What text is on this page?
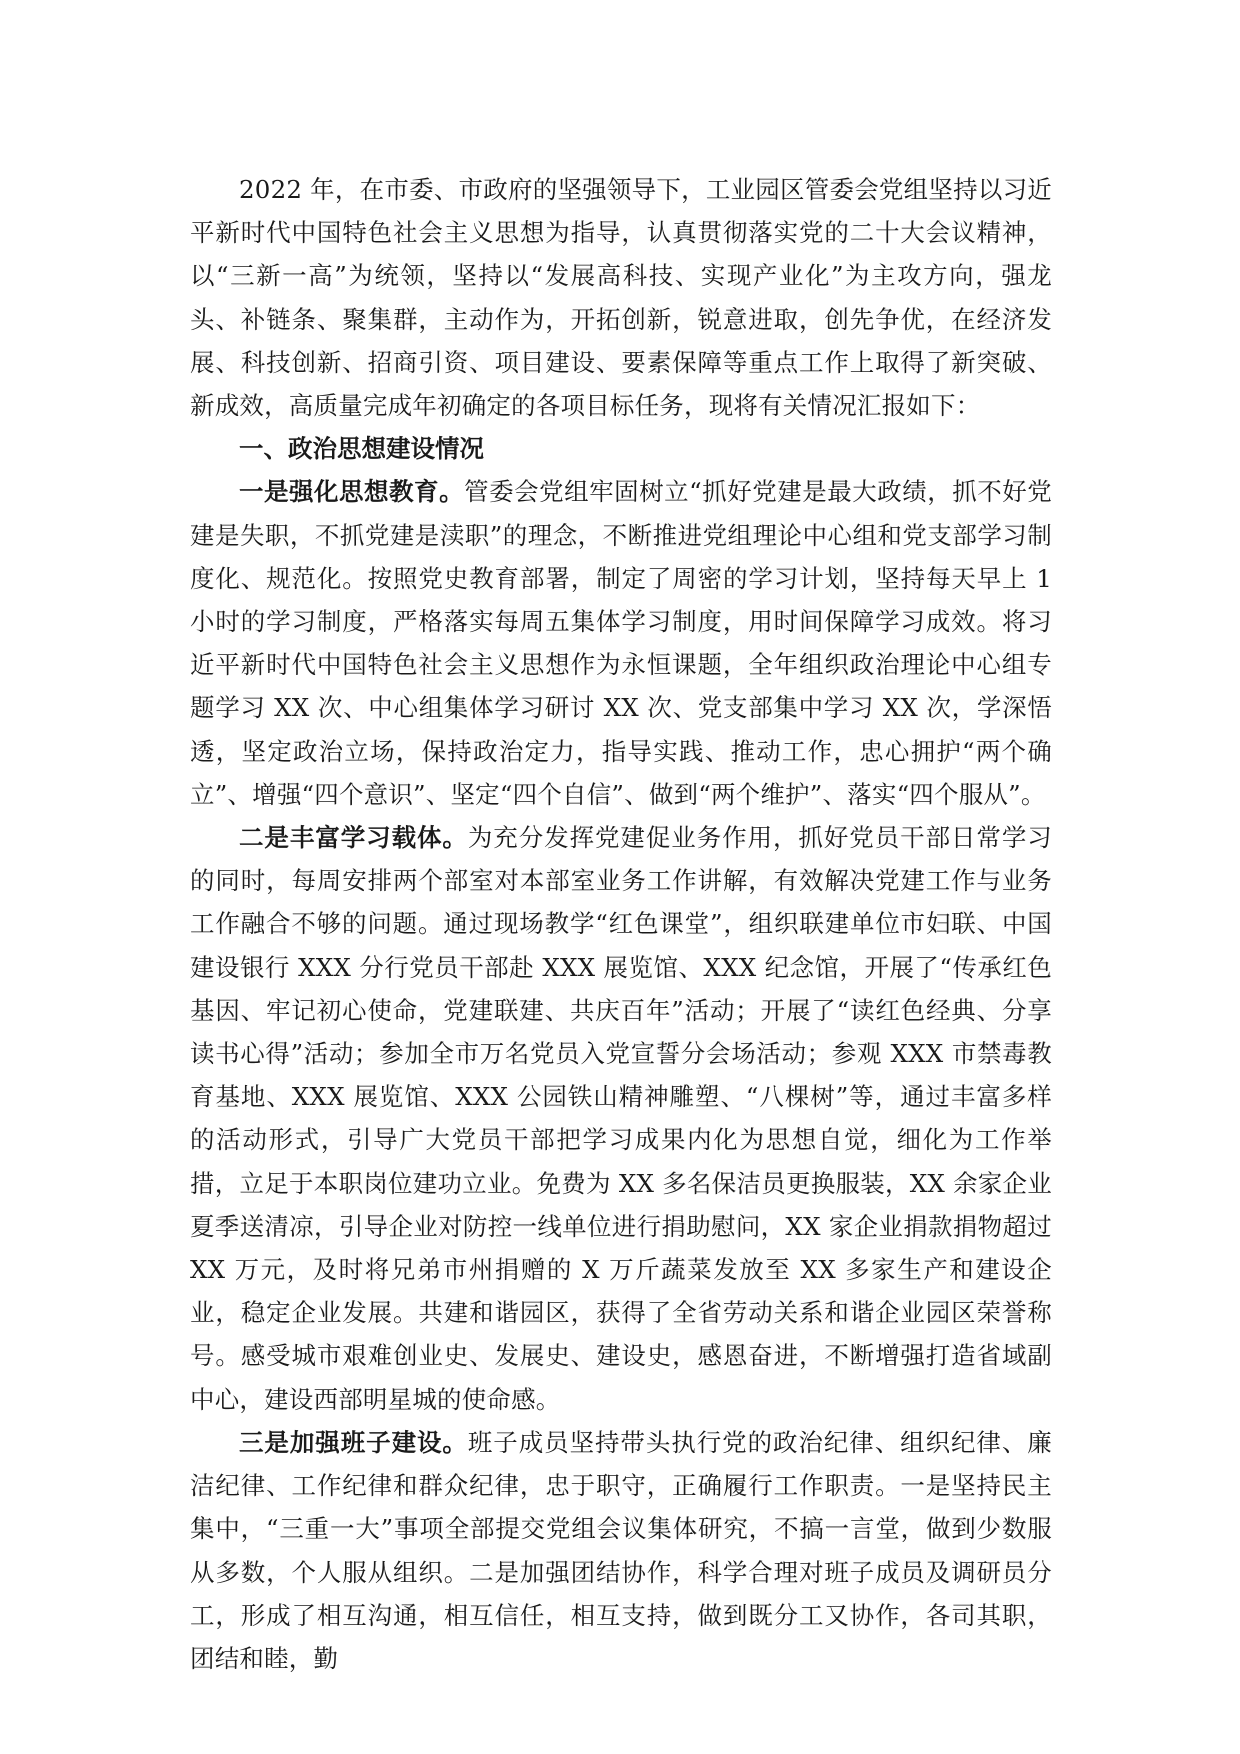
2022 年，在市委、市政府的坚强领导下，工业园区管委会党组坚持以习近平新时代中国特色社会主义思想为指导，认真贯彻落实党的二十大会议精神，以“三新一高”为统领，坚持以“发展高科技、实现产业化”为主攻方向，强龙头、补链条、聚集群，主动作为，开拓创新，锐意进取，创先争优，在经济发展、科技创新、招商引资、项目建设、要素保障等重点工作上取得了新突破、新成效，高质量完成年初确定的各项目标任务，现将有关情况汇报如下：

一、政治思想建设情况

一是强化思想教育。管委会党组牢固树立“抓好党建是最大政绩，抓不好党建是失职，不抓党建是渎职”的理念，不断推进党组理论中心组和党支部学习制度化、规范化。按照党史教育部署，制定了周密的学习计划，坚持每天早上 1 小时的学习制度，严格落实每周五集体学习制度，用时间保障学习成效。将习近平新时代中国特色社会主义思想作为永恒课题，全年组织政治理论中心组专题学习 XX 次、中心组集体学习研讨 XX 次、党支部集中学习 XX 次，学深悟透，坚定政治立场，保持政治定力，指导实践、推动工作，忠心拥护“两个确立”、增强“四个意识”、坚定“四个自信”、做到“两个维护”、落实“四个服从”。

二是丰富学习载体。为充分发挥党建促业务作用，抓好党员干部日常学习的同时，每周安排两个部室对本部室业务工作讲解，有效解决党建工作与业务工作融合不够的问题。通过现场教学“红色课堂”，组织联建单位市妇联、中国建设银行 XXX 分行党员干部赴 XXX 展览馆、XXX 纪念馆，开展了“传承红色基因、牢记初心使命，党建联建、共庆百年”活动；开展了“读红色经典、分享读书心得”活动；参加全市万名党员入党宣誓分会场活动；参观 XXX 市禁毒教育基地、XXX 展览馆、XXX 公园铁山精神雕塑、“八棵树”等，通过丰富多样的活动形式，引导广大党员干部把学习成果内化为思想自觉，细化为工作举措，立足于本职岗位建功立业。免费为 XX 多名保洁员更换服装，XX 余家企业夏季送清凉，引导企业对防控一线单位进行捐助慰问，XX 家企业捐款捐物超过 XX 万元，及时将兄弟市州捐赠的 X 万斤蔬菜发放至 XX 多家生产和建设企业，稳定企业发展。共建和谐园区，获得了全省劳动关系和谐企业园区荣誉称号。感受城市艰难创业史、发展史、建设史，感恩奋进，不断增强打造省域副中心，建设西部明星城的使命感。

三是加强班子建设。班子成员坚持带头执行党的政治纪律、组织纪律、廉洁纪律、工作纪律和群众纪律，忠于职守，正确履行工作职责。一是坚持民主集中，“三重一大”事项全部提交党组会议集体研究，不搞一言堂，做到少数服从多数，个人服从组织。二是加强团结协作，科学合理对班子成员及调研员分工，形成了相互沟通，相互信任，相互支持，做到既分工又协作，各司其职，团结和睦，勤
